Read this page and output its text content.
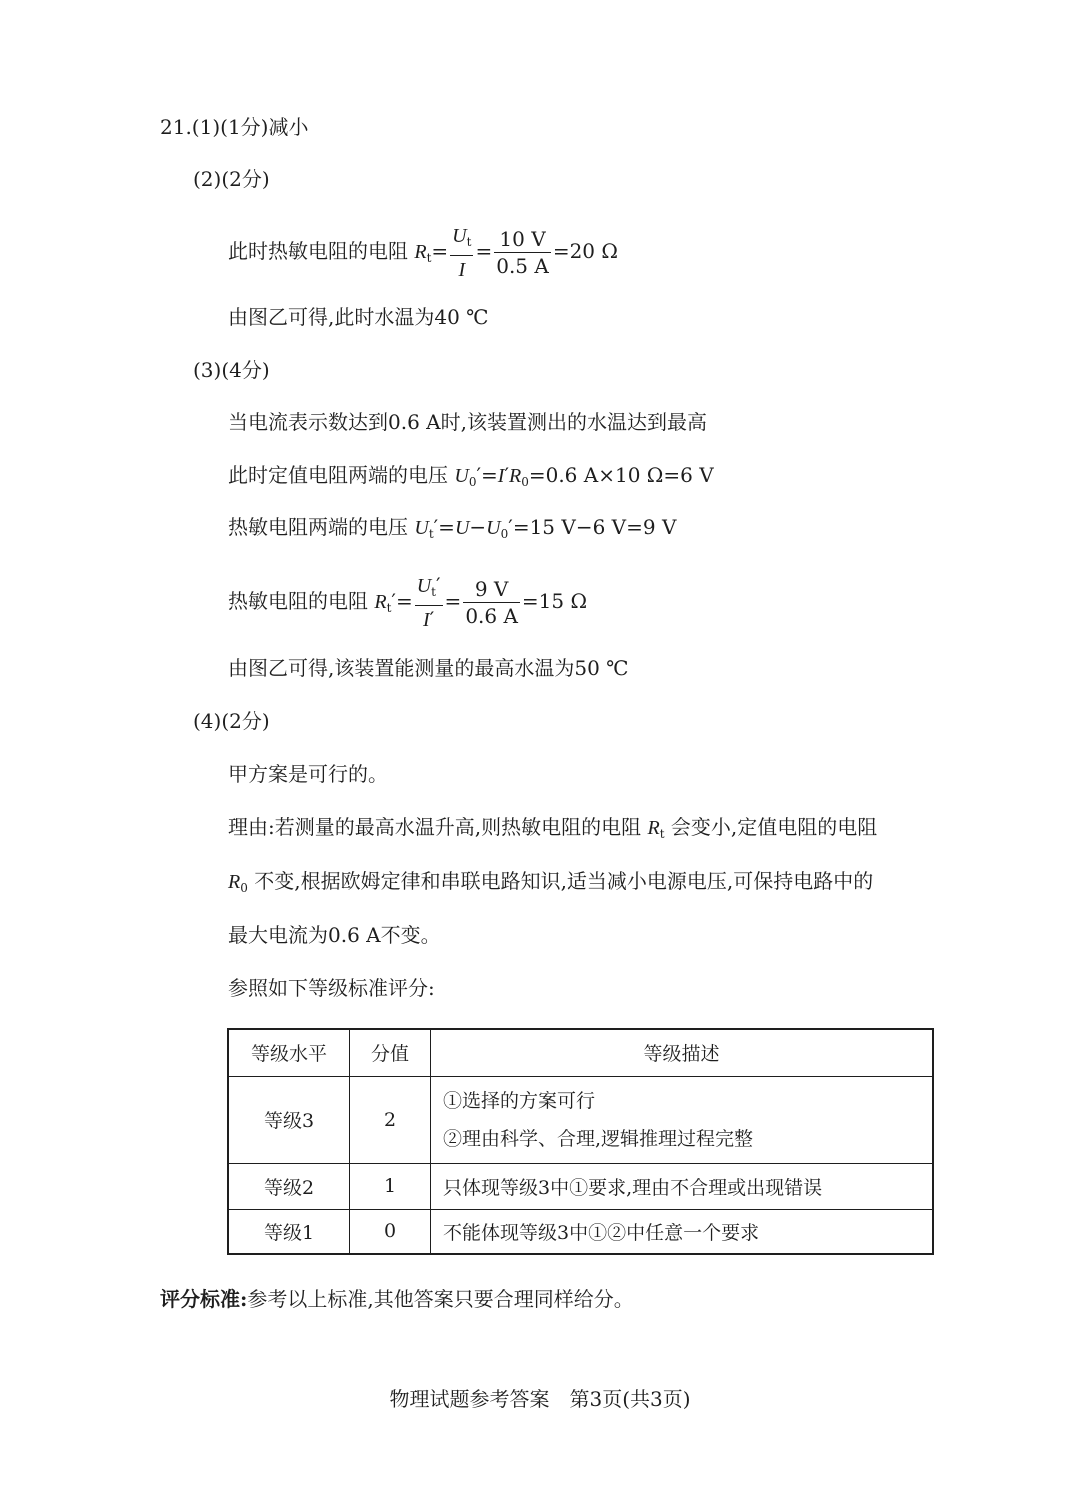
21.(1)(1分)减小
(2)(2分)
此时热敏电阻的电阻 $R_t= \frac{U_t}{I} = \frac{10 V}{0.5 A} =20$ Ω
由图乙可得,此时水温为40 ℃
(3)(4分)
当电流表示数达到0.6 A时,该装置测出的水温达到最高
此时定值电阻两端的电压 $U_0'=I'R_0=0.6$ A×10 Ω=6 V
热敏电阻两端的电压 $U_t'=U-U_0'=15$ V−6 V=9 V
热敏电阻的电阻 $R_t'= \frac{U_t'}{I'} = \frac{9 V}{0.6 A} =15$ Ω
由图乙可得,该装置能测量的最高水温为50 ℃
(4)(2分)
甲方案是可行的。
理由:若测量的最高水温升高,则热敏电阻的电阻 $R_t$ 会变小,定值电阻的电阻
$R_0$ 不变,根据欧姆定律和串联电路知识,适当减小电源电压,可保持电路中的
最大电流为0.6 A不变。
参照如下等级标准评分:
等级水平	分值	等级描述
等级3	2	①选择的方案可行
②理由科学、合理,逻辑推理过程完整

等级2	1	只体现等级3中①要求,理由不合理或出现错误
等级1	0	不能体现等级3中①②中任意一个要求
评分标准:参考以上标准,其他答案只要合理同样给分。
物理试题参考答案　第3页(共3页)
